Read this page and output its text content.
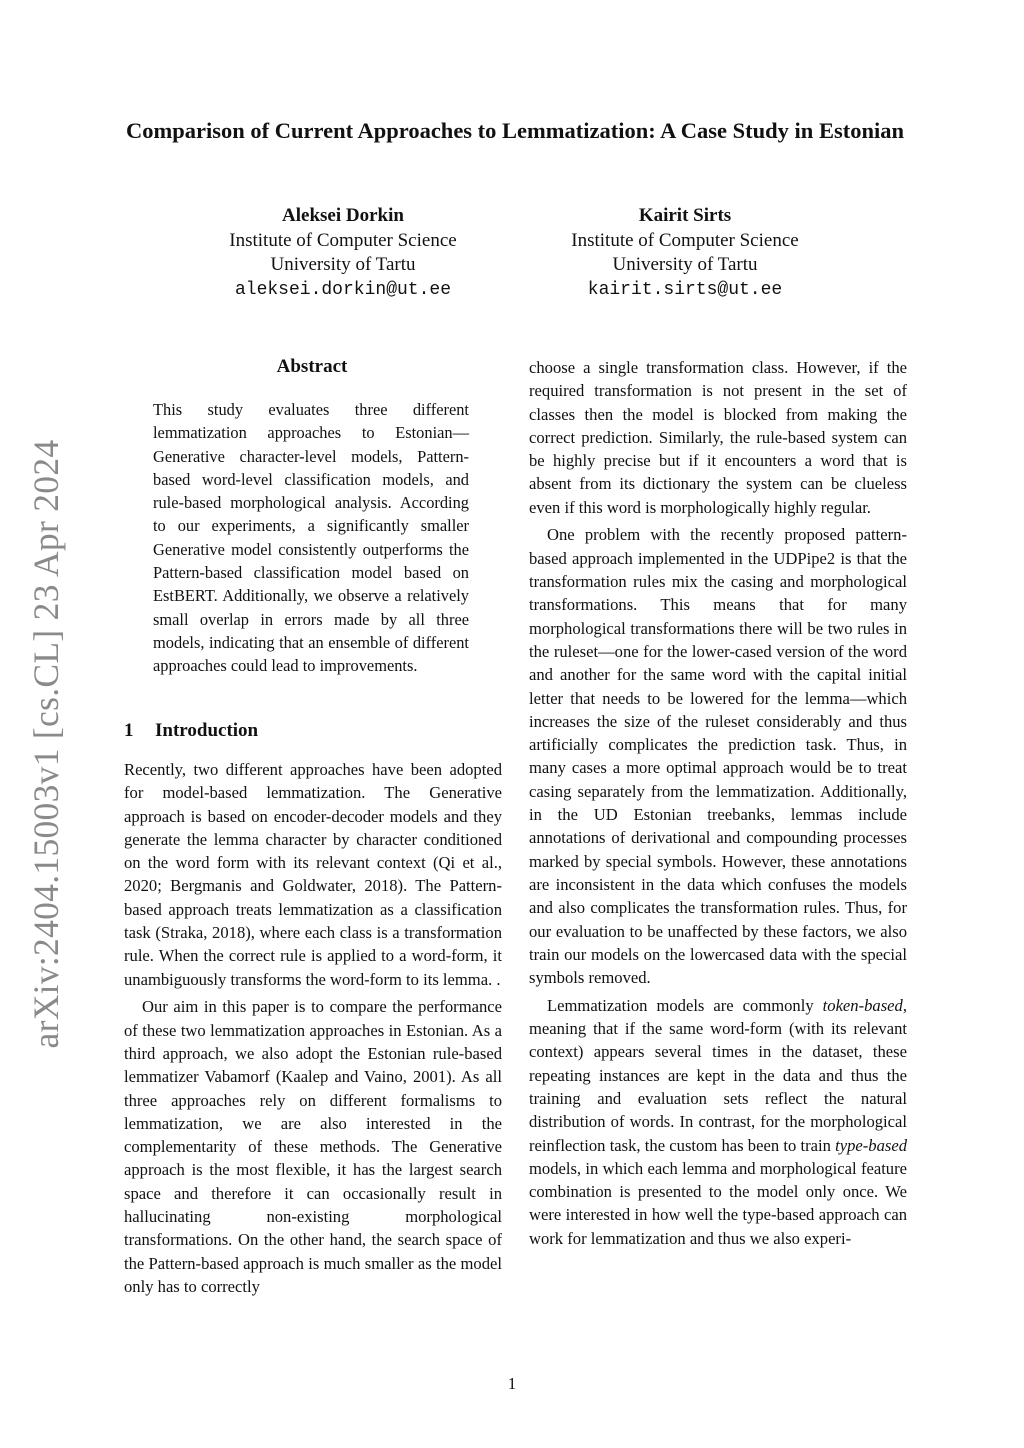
arXiv:2404.15003v1 [cs.CL] 23 Apr 2024
Comparison of Current Approaches to Lemmatization: A Case Study in Estonian
Aleksei Dorkin
Institute of Computer Science
University of Tartu
aleksei.dorkin@ut.ee
Kairit Sirts
Institute of Computer Science
University of Tartu
kairit.sirts@ut.ee
Abstract

This study evaluates three different lemmatization approaches to Estonian—Generative character-level models, Pattern-based word-level classification models, and rule-based morphological analysis. According to our experiments, a significantly smaller Generative model consistently outperforms the Pattern-based classification model based on EstBERT. Additionally, we observe a relatively small overlap in errors made by all three models, indicating that an ensemble of different approaches could lead to improvements.

1 Introduction

Recently, two different approaches have been adopted for model-based lemmatization. The Generative approach is based on encoder-decoder models and they generate the lemma character by character conditioned on the word form with its relevant context (Qi et al., 2020; Bergmanis and Goldwater, 2018). The Pattern-based approach treats lemmatization as a classification task (Straka, 2018), where each class is a transformation rule. When the correct rule is applied to a word-form, it unambiguously transforms the word-form to its lemma. .

Our aim in this paper is to compare the performance of these two lemmatization approaches in Estonian. As a third approach, we also adopt the Estonian rule-based lemmatizer Vabamorf (Kaalep and Vaino, 2001). As all three approaches rely on different formalisms to lemmatization, we are also interested in the complementarity of these methods. The Generative approach is the most flexible, it has the largest search space and therefore it can occasionally result in hallucinating non-existing morphological transformations. On the other hand, the search space of the Pattern-based approach is much smaller as the model only has to correctly

choose a single transformation class. However, if the required transformation is not present in the set of classes then the model is blocked from making the correct prediction. Similarly, the rule-based system can be highly precise but if it encounters a word that is absent from its dictionary the system can be clueless even if this word is morphologically highly regular.

One problem with the recently proposed pattern-based approach implemented in the UDPipe2 is that the transformation rules mix the casing and morphological transformations. This means that for many morphological transformations there will be two rules in the ruleset—one for the lower-cased version of the word and another for the same word with the capital initial letter that needs to be lowered for the lemma—which increases the size of the ruleset considerably and thus artificially complicates the prediction task. Thus, in many cases a more optimal approach would be to treat casing separately from the lemmatization. Additionally, in the UD Estonian treebanks, lemmas include annotations of derivational and compounding processes marked by special symbols. However, these annotations are inconsistent in the data which confuses the models and also complicates the transformation rules. Thus, for our evaluation to be unaffected by these factors, we also train our models on the lowercased data with the special symbols removed.

Lemmatization models are commonly token-based, meaning that if the same word-form (with its relevant context) appears several times in the dataset, these repeating instances are kept in the data and thus the training and evaluation sets reflect the natural distribution of words. In contrast, for the morphological reinflection task, the custom has been to train type-based models, in which each lemma and morphological feature combination is presented to the model only once. We were interested in how well the type-based approach can work for lemmatization and thus we also experi-

1
